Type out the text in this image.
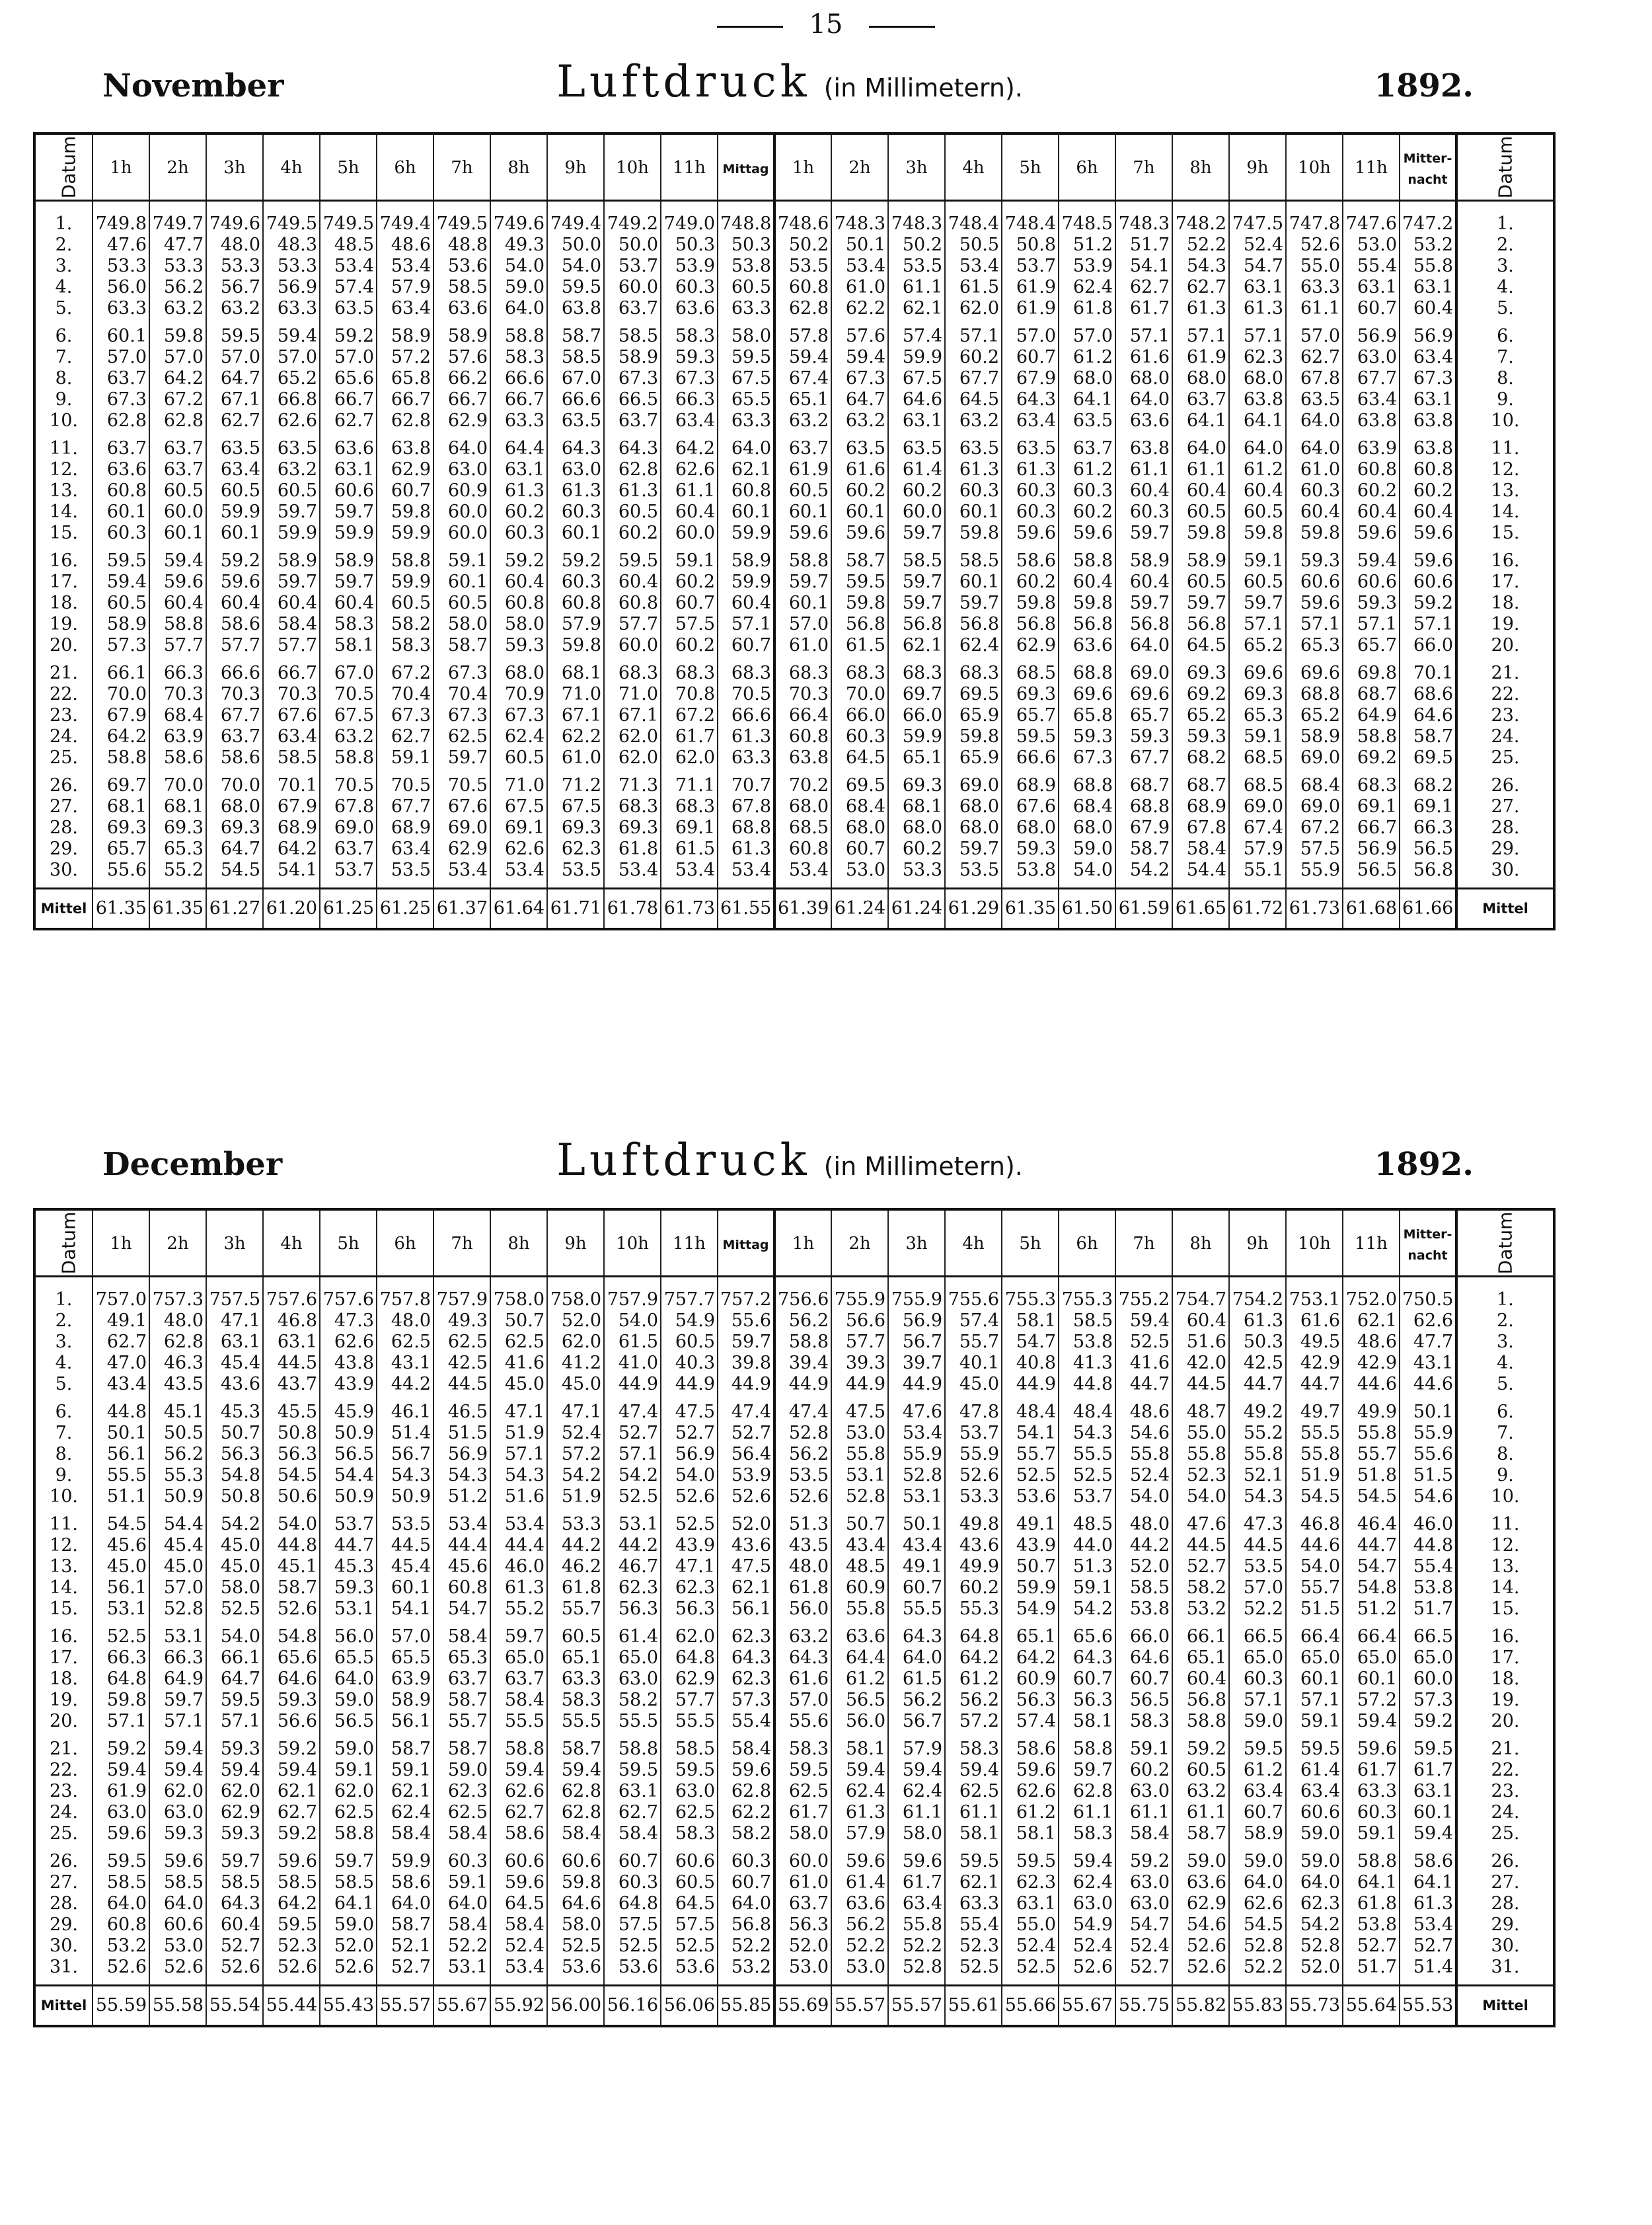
15
November	Luftdruck (in Millimetern).	1892.
Datum	1h	2h	3h	4h	5h	6h	7h	8h	9h	10h	11h	Mittag	1h	2h	3h	4h	5h	6h	7h	8h	9h	10h	11h	Mitter-nacht	Datum

1.	749.8	749.7	749.6	749.5	749.5	749.4	749.5	749.6	749.4	749.2	749.0	748.8	748.6	748.3	748.3	748.4	748.4	748.5	748.3	748.2	747.5	747.8	747.6	747.2	1.
2.	47.6	47.7	48.0	48.3	48.5	48.6	48.8	49.3	50.0	50.0	50.3	50.3	50.2	50.1	50.2	50.5	50.8	51.2	51.7	52.2	52.4	52.6	53.0	53.2	2.
3.	53.3	53.3	53.3	53.3	53.4	53.4	53.6	54.0	54.0	53.7	53.9	53.8	53.5	53.4	53.5	53.4	53.7	53.9	54.1	54.3	54.7	55.0	55.4	55.8	3.
4.	56.0	56.2	56.7	56.9	57.4	57.9	58.5	59.0	59.5	60.0	60.3	60.5	60.8	61.0	61.1	61.5	61.9	62.4	62.7	62.7	63.1	63.3	63.1	63.1	4.
5.	63.3	63.2	63.2	63.3	63.5	63.4	63.6	64.0	63.8	63.7	63.6	63.3	62.8	62.2	62.1	62.0	61.9	61.8	61.7	61.3	61.3	61.1	60.7	60.4	5.
6.	60.1	59.8	59.5	59.4	59.2	58.9	58.9	58.8	58.7	58.5	58.3	58.0	57.8	57.6	57.4	57.1	57.0	57.0	57.1	57.1	57.1	57.0	56.9	56.9	6.
7.	57.0	57.0	57.0	57.0	57.0	57.2	57.6	58.3	58.5	58.9	59.3	59.5	59.4	59.4	59.9	60.2	60.7	61.2	61.6	61.9	62.3	62.7	63.0	63.4	7.
8.	63.7	64.2	64.7	65.2	65.6	65.8	66.2	66.6	67.0	67.3	67.3	67.5	67.4	67.3	67.5	67.7	67.9	68.0	68.0	68.0	68.0	67.8	67.7	67.3	8.
9.	67.3	67.2	67.1	66.8	66.7	66.7	66.7	66.7	66.6	66.5	66.3	65.5	65.1	64.7	64.6	64.5	64.3	64.1	64.0	63.7	63.8	63.5	63.4	63.1	9.
10.	62.8	62.8	62.7	62.6	62.7	62.8	62.9	63.3	63.5	63.7	63.4	63.3	63.2	63.2	63.1	63.2	63.4	63.5	63.6	64.1	64.1	64.0	63.8	63.8	10.
11.	63.7	63.7	63.5	63.5	63.6	63.8	64.0	64.4	64.3	64.3	64.2	64.0	63.7	63.5	63.5	63.5	63.5	63.7	63.8	64.0	64.0	64.0	63.9	63.8	11.
12.	63.6	63.7	63.4	63.2	63.1	62.9	63.0	63.1	63.0	62.8	62.6	62.1	61.9	61.6	61.4	61.3	61.3	61.2	61.1	61.1	61.2	61.0	60.8	60.8	12.
13.	60.8	60.5	60.5	60.5	60.6	60.7	60.9	61.3	61.3	61.3	61.1	60.8	60.5	60.2	60.2	60.3	60.3	60.3	60.4	60.4	60.4	60.3	60.2	60.2	13.
14.	60.1	60.0	59.9	59.7	59.7	59.8	60.0	60.2	60.3	60.5	60.4	60.1	60.1	60.1	60.0	60.1	60.3	60.2	60.3	60.5	60.5	60.4	60.4	60.4	14.
15.	60.3	60.1	60.1	59.9	59.9	59.9	60.0	60.3	60.1	60.2	60.0	59.9	59.6	59.6	59.7	59.8	59.6	59.6	59.7	59.8	59.8	59.8	59.6	59.6	15.
16.	59.5	59.4	59.2	58.9	58.9	58.8	59.1	59.2	59.2	59.5	59.1	58.9	58.8	58.7	58.5	58.5	58.6	58.8	58.9	58.9	59.1	59.3	59.4	59.6	16.
17.	59.4	59.6	59.6	59.7	59.7	59.9	60.1	60.4	60.3	60.4	60.2	59.9	59.7	59.5	59.7	60.1	60.2	60.4	60.4	60.5	60.5	60.6	60.6	60.6	17.
18.	60.5	60.4	60.4	60.4	60.4	60.5	60.5	60.8	60.8	60.8	60.7	60.4	60.1	59.8	59.7	59.7	59.8	59.8	59.7	59.7	59.7	59.6	59.3	59.2	18.
19.	58.9	58.8	58.6	58.4	58.3	58.2	58.0	58.0	57.9	57.7	57.5	57.1	57.0	56.8	56.8	56.8	56.8	56.8	56.8	56.8	57.1	57.1	57.1	57.1	19.
20.	57.3	57.7	57.7	57.7	58.1	58.3	58.7	59.3	59.8	60.0	60.2	60.7	61.0	61.5	62.1	62.4	62.9	63.6	64.0	64.5	65.2	65.3	65.7	66.0	20.
21.	66.1	66.3	66.6	66.7	67.0	67.2	67.3	68.0	68.1	68.3	68.3	68.3	68.3	68.3	68.3	68.3	68.5	68.8	69.0	69.3	69.6	69.6	69.8	70.1	21.
22.	70.0	70.3	70.3	70.3	70.5	70.4	70.4	70.9	71.0	71.0	70.8	70.5	70.3	70.0	69.7	69.5	69.3	69.6	69.6	69.2	69.3	68.8	68.7	68.6	22.
23.	67.9	68.4	67.7	67.6	67.5	67.3	67.3	67.3	67.1	67.1	67.2	66.6	66.4	66.0	66.0	65.9	65.7	65.8	65.7	65.2	65.3	65.2	64.9	64.6	23.
24.	64.2	63.9	63.7	63.4	63.2	62.7	62.5	62.4	62.2	62.0	61.7	61.3	60.8	60.3	59.9	59.8	59.5	59.3	59.3	59.3	59.1	58.9	58.8	58.7	24.
25.	58.8	58.6	58.6	58.5	58.8	59.1	59.7	60.5	61.0	62.0	62.0	63.3	63.8	64.5	65.1	65.9	66.6	67.3	67.7	68.2	68.5	69.0	69.2	69.5	25.
26.	69.7	70.0	70.0	70.1	70.5	70.5	70.5	71.0	71.2	71.3	71.1	70.7	70.2	69.5	69.3	69.0	68.9	68.8	68.7	68.7	68.5	68.4	68.3	68.2	26.
27.	68.1	68.1	68.0	67.9	67.8	67.7	67.6	67.5	67.5	68.3	68.3	67.8	68.0	68.4	68.1	68.0	67.6	68.4	68.8	68.9	69.0	69.0	69.1	69.1	27.
28.	69.3	69.3	69.3	68.9	69.0	68.9	69.0	69.1	69.3	69.3	69.1	68.8	68.5	68.0	68.0	68.0	68.0	68.0	67.9	67.8	67.4	67.2	66.7	66.3	28.
29.	65.7	65.3	64.7	64.2	63.7	63.4	62.9	62.6	62.3	61.8	61.5	61.3	60.8	60.7	60.2	59.7	59.3	59.0	58.7	58.4	57.9	57.5	56.9	56.5	29.
30.	55.6	55.2	54.5	54.1	53.7	53.5	53.4	53.4	53.5	53.4	53.4	53.4	53.4	53.0	53.3	53.5	53.8	54.0	54.2	54.4	55.1	55.9	56.5	56.8	30.
Mittel	61.35	61.35	61.27	61.20	61.25	61.25	61.37	61.64	61.71	61.78	61.73	61.55	61.39	61.24	61.24	61.29	61.35	61.50	61.59	61.65	61.72	61.73	61.68	61.66	Mittel
December	Luftdruck (in Millimetern).	1892.
Datum	1h	2h	3h	4h	5h	6h	7h	8h	9h	10h	11h	Mittag	1h	2h	3h	4h	5h	6h	7h	8h	9h	10h	11h	Mitter-nacht	Datum

1.	757.0	757.3	757.5	757.6	757.6	757.8	757.9	758.0	758.0	757.9	757.7	757.2	756.6	755.9	755.9	755.6	755.3	755.3	755.2	754.7	754.2	753.1	752.0	750.5	1.
2.	49.1	48.0	47.1	46.8	47.3	48.0	49.3	50.7	52.0	54.0	54.9	55.6	56.2	56.6	56.9	57.4	58.1	58.5	59.4	60.4	61.3	61.6	62.1	62.6	2.
3.	62.7	62.8	63.1	63.1	62.6	62.5	62.5	62.5	62.0	61.5	60.5	59.7	58.8	57.7	56.7	55.7	54.7	53.8	52.5	51.6	50.3	49.5	48.6	47.7	3.
4.	47.0	46.3	45.4	44.5	43.8	43.1	42.5	41.6	41.2	41.0	40.3	39.8	39.4	39.3	39.7	40.1	40.8	41.3	41.6	42.0	42.5	42.9	42.9	43.1	4.
5.	43.4	43.5	43.6	43.7	43.9	44.2	44.5	45.0	45.0	44.9	44.9	44.9	44.9	44.9	44.9	45.0	44.9	44.8	44.7	44.5	44.7	44.7	44.6	44.6	5.
6.	44.8	45.1	45.3	45.5	45.9	46.1	46.5	47.1	47.1	47.4	47.5	47.4	47.4	47.5	47.6	47.8	48.4	48.4	48.6	48.7	49.2	49.7	49.9	50.1	6.
7.	50.1	50.5	50.7	50.8	50.9	51.4	51.5	51.9	52.4	52.7	52.7	52.7	52.8	53.0	53.4	53.7	54.1	54.3	54.6	55.0	55.2	55.5	55.8	55.9	7.
8.	56.1	56.2	56.3	56.3	56.5	56.7	56.9	57.1	57.2	57.1	56.9	56.4	56.2	55.8	55.9	55.9	55.7	55.5	55.8	55.8	55.8	55.8	55.7	55.6	8.
9.	55.5	55.3	54.8	54.5	54.4	54.3	54.3	54.3	54.2	54.2	54.0	53.9	53.5	53.1	52.8	52.6	52.5	52.5	52.4	52.3	52.1	51.9	51.8	51.5	9.
10.	51.1	50.9	50.8	50.6	50.9	50.9	51.2	51.6	51.9	52.5	52.6	52.6	52.6	52.8	53.1	53.3	53.6	53.7	54.0	54.0	54.3	54.5	54.5	54.6	10.
11.	54.5	54.4	54.2	54.0	53.7	53.5	53.4	53.4	53.3	53.1	52.5	52.0	51.3	50.7	50.1	49.8	49.1	48.5	48.0	47.6	47.3	46.8	46.4	46.0	11.
12.	45.6	45.4	45.0	44.8	44.7	44.5	44.4	44.4	44.2	44.2	43.9	43.6	43.5	43.4	43.4	43.6	43.9	44.0	44.2	44.5	44.5	44.6	44.7	44.8	12.
13.	45.0	45.0	45.0	45.1	45.3	45.4	45.6	46.0	46.2	46.7	47.1	47.5	48.0	48.5	49.1	49.9	50.7	51.3	52.0	52.7	53.5	54.0	54.7	55.4	13.
14.	56.1	57.0	58.0	58.7	59.3	60.1	60.8	61.3	61.8	62.3	62.3	62.1	61.8	60.9	60.7	60.2	59.9	59.1	58.5	58.2	57.0	55.7	54.8	53.8	14.
15.	53.1	52.8	52.5	52.6	53.1	54.1	54.7	55.2	55.7	56.3	56.3	56.1	56.0	55.8	55.5	55.3	54.9	54.2	53.8	53.2	52.2	51.5	51.2	51.7	15.
16.	52.5	53.1	54.0	54.8	56.0	57.0	58.4	59.7	60.5	61.4	62.0	62.3	63.2	63.6	64.3	64.8	65.1	65.6	66.0	66.1	66.5	66.4	66.4	66.5	16.
17.	66.3	66.3	66.1	65.6	65.5	65.5	65.3	65.0	65.1	65.0	64.8	64.3	64.3	64.4	64.0	64.2	64.2	64.3	64.6	65.1	65.0	65.0	65.0	65.0	17.
18.	64.8	64.9	64.7	64.6	64.0	63.9	63.7	63.7	63.3	63.0	62.9	62.3	61.6	61.2	61.5	61.2	60.9	60.7	60.7	60.4	60.3	60.1	60.1	60.0	18.
19.	59.8	59.7	59.5	59.3	59.0	58.9	58.7	58.4	58.3	58.2	57.7	57.3	57.0	56.5	56.2	56.2	56.3	56.3	56.5	56.8	57.1	57.1	57.2	57.3	19.
20.	57.1	57.1	57.1	56.6	56.5	56.1	55.7	55.5	55.5	55.5	55.5	55.4	55.6	56.0	56.7	57.2	57.4	58.1	58.3	58.8	59.0	59.1	59.4	59.2	20.
21.	59.2	59.4	59.3	59.2	59.0	58.7	58.7	58.8	58.7	58.8	58.5	58.4	58.3	58.1	57.9	58.3	58.6	58.8	59.1	59.2	59.5	59.5	59.6	59.5	21.
22.	59.4	59.4	59.4	59.4	59.1	59.1	59.0	59.4	59.4	59.5	59.5	59.6	59.5	59.4	59.4	59.4	59.6	59.7	60.2	60.5	61.2	61.4	61.7	61.7	22.
23.	61.9	62.0	62.0	62.1	62.0	62.1	62.3	62.6	62.8	63.1	63.0	62.8	62.5	62.4	62.4	62.5	62.6	62.8	63.0	63.2	63.4	63.4	63.3	63.1	23.
24.	63.0	63.0	62.9	62.7	62.5	62.4	62.5	62.7	62.8	62.7	62.5	62.2	61.7	61.3	61.1	61.1	61.2	61.1	61.1	61.1	60.7	60.6	60.3	60.1	24.
25.	59.6	59.3	59.3	59.2	58.8	58.4	58.4	58.6	58.4	58.4	58.3	58.2	58.0	57.9	58.0	58.1	58.1	58.3	58.4	58.7	58.9	59.0	59.1	59.4	25.
26.	59.5	59.6	59.7	59.6	59.7	59.9	60.3	60.6	60.6	60.7	60.6	60.3	60.0	59.6	59.6	59.5	59.5	59.4	59.2	59.0	59.0	59.0	58.8	58.6	26.
27.	58.5	58.5	58.5	58.5	58.5	58.6	59.1	59.6	59.8	60.3	60.5	60.7	61.0	61.4	61.7	62.1	62.3	62.4	63.0	63.6	64.0	64.0	64.1	64.1	27.
28.	64.0	64.0	64.3	64.2	64.1	64.0	64.0	64.5	64.6	64.8	64.5	64.0	63.7	63.6	63.4	63.3	63.1	63.0	63.0	62.9	62.6	62.3	61.8	61.3	28.
29.	60.8	60.6	60.4	59.5	59.0	58.7	58.4	58.4	58.0	57.5	57.5	56.8	56.3	56.2	55.8	55.4	55.0	54.9	54.7	54.6	54.5	54.2	53.8	53.4	29.
30.	53.2	53.0	52.7	52.3	52.0	52.1	52.2	52.4	52.5	52.5	52.5	52.2	52.0	52.2	52.2	52.3	52.4	52.4	52.4	52.6	52.8	52.8	52.7	52.7	30.
31.	52.6	52.6	52.6	52.6	52.6	52.7	53.1	53.4	53.6	53.6	53.6	53.2	53.0	53.0	52.8	52.5	52.5	52.6	52.7	52.6	52.2	52.0	51.7	51.4	31.
Mittel	55.59	55.58	55.54	55.44	55.43	55.57	55.67	55.92	56.00	56.16	56.06	55.85	55.69	55.57	55.57	55.61	55.66	55.67	55.75	55.82	55.83	55.73	55.64	55.53	Mittel
